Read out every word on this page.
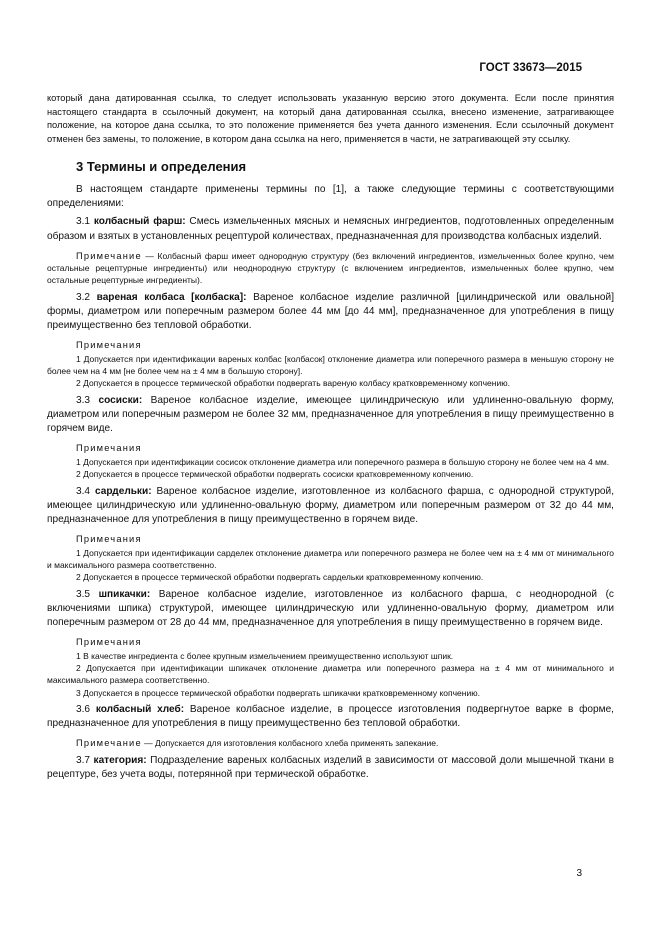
ГОСТ 33673—2015

который дана датированная ссылка, то следует использовать указанную версию этого документа. Если после принятия настоящего стандарта в ссылочный документ, на который дана датированная ссылка, внесено изменение, затрагивающее положение, на которое дана ссылка, то это положение применяется без учета данного изменения. Если ссылочный документ отменен без замены, то положение, в котором дана ссылка на него, применяется в части, не затрагивающей эту ссылку.

3 Термины и определения

В настоящем стандарте применены термины по [1], а также следующие термины с соответствующими определениями:

3.1 колбасный фарш: Смесь измельченных мясных и немясных ингредиентов, подготовленных определенным образом и взятых в установленных рецептурой количествах, предназначенная для производства колбасных изделий.

Примечание — Колбасный фарш имеет однородную структуру (без включений ингредиентов, измельченных более крупно, чем остальные рецептурные ингредиенты) или неоднородную структуру (с включением ингредиентов, измельченных более крупно, чем остальные рецептурные ингредиенты).

3.2 вареная колбаса [колбаска]: Вареное колбасное изделие различной [цилиндрической или овальной] формы, диаметром или поперечным размером более 44 мм [до 44 мм], предназначенное для употребления в пищу преимущественно без тепловой обработки.

Примечания

1 Допускается при идентификации вареных колбас [колбасок] отклонение диаметра или поперечного размера в меньшую сторону не более чем на 4 мм [не более чем на ± 4 мм в большую сторону].

2 Допускается в процессе термической обработки подвергать вареную колбасу кратковременному копчению.

3.3 сосиски: Вареное колбасное изделие, имеющее цилиндрическую или удлиненно-овальную форму, диаметром или поперечным размером не более 32 мм, предназначенное для употребления в пищу преимущественно в горячем виде.

Примечания

1 Допускается при идентификации сосисок отклонение диаметра или поперечного размера в большую сторону не более чем на 4 мм.

2 Допускается в процессе термической обработки подвергать сосиски кратковременному копчению.

3.4 сардельки: Вареное колбасное изделие, изготовленное из колбасного фарша, с однородной структурой, имеющее цилиндрическую или удлиненно-овальную форму, диаметром или поперечным размером от 32 до 44 мм, предназначенное для употребления в пищу преимущественно в горячем виде.

Примечания

1 Допускается при идентификации сарделек отклонение диаметра или поперечного размера не более чем на ± 4 мм от минимального и максимального размера соответственно.

2 Допускается в процессе термической обработки подвергать сардельки кратковременному копчению.

3.5 шпикачки: Вареное колбасное изделие, изготовленное из колбасного фарша, с неоднородной (с включениями шпика) структурой, имеющее цилиндрическую или удлиненно-овальную форму, диаметром или поперечным размером от 28 до 44 мм, предназначенное для употребления в пищу преимущественно в горячем виде.

Примечания

1 В качестве ингредиента с более крупным измельчением преимущественно используют шпик.

2 Допускается при идентификации шпикачек отклонение диаметра или поперечного размера на ± 4 мм от минимального и максимального размера соответственно.

3 Допускается в процессе термической обработки подвергать шпикачки кратковременному копчению.

3.6 колбасный хлеб: Вареное колбасное изделие, в процессе изготовления подвергнутое варке в форме, предназначенное для употребления в пищу преимущественно без тепловой обработки.

Примечание — Допускается для изготовления колбасного хлеба применять запекание.

3.7 категория: Подразделение вареных колбасных изделий в зависимости от массовой доли мышечной ткани в рецептуре, без учета воды, потерянной при термической обработке.

3
